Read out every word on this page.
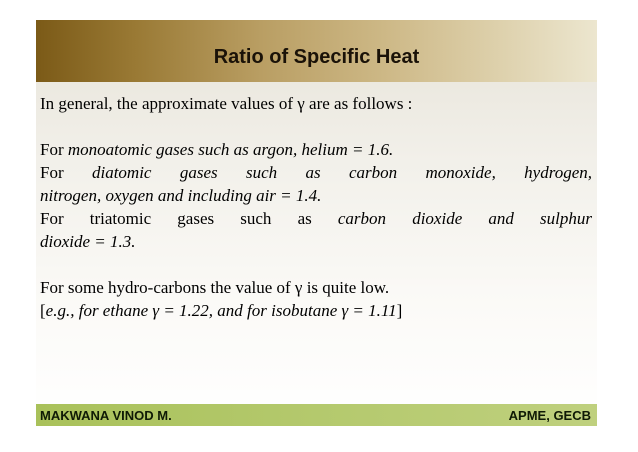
Ratio of Specific Heat
In general, the approximate values of γ are as follows :
For monoatomic gases such as argon, helium = 1.6.
For diatomic gases such as carbon monoxide, hydrogen,
nitrogen, oxygen and including air = 1.4.
For triatomic gases such as carbon dioxide and sulphur
dioxide = 1.3.
For some hydro-carbons the value of γ is quite low.
[e.g., for ethane γ = 1.22, and for isobutane γ = 1.11]
MAKWANA VINOD M.	APME, GECB
